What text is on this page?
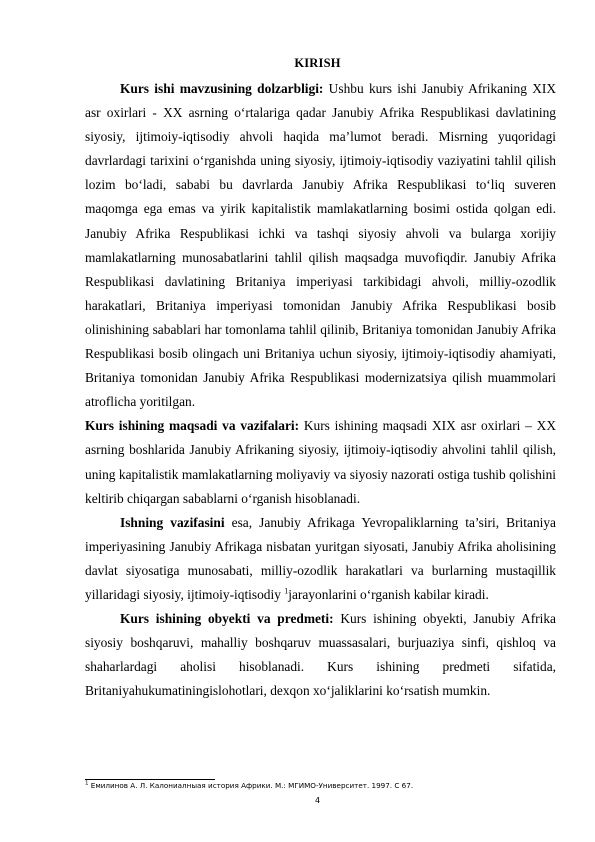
KIRISH

Kurs ishi mavzusining dolzarbligi: Ushbu kurs ishi Janubiy Afrikaning XIX asr oxirlari - XX asrning oʻrtalariga qadar Janubiy Afrika Respublikasi davlatining siyosiy, ijtimoiy-iqtisodiy ahvoli haqida maʼlumot beradi. Misrning yuqoridagi davrlardagi tarixini oʻrganishda uning siyosiy, ijtimoiy-iqtisodiy vaziyatini tahlil qilish lozim boʻladi, sababi bu davrlarda Janubiy Afrika Respublikasi toʻliq suveren maqomga ega emas va yirik kapitalistik mamlakatlarning bosimi ostida qolgan edi. Janubiy Afrika Respublikasi ichki va tashqi siyosiy ahvoli va bularga xorijiy mamlakatlarning munosabatlarini tahlil qilish maqsadga muvofiqdir. Janubiy Afrika Respublikasi davlatining Britaniya imperiyasi tarkibidagi ahvoli, milliy-ozodlik harakatlari, Britaniya imperiyasi tomonidan Janubiy Afrika Respublikasi bosib olinishining sabablari har tomonlama tahlil qilinib, Britaniya tomonidan Janubiy Afrika Respublikasi bosib olingach uni Britaniya uchun siyosiy, ijtimoiy-iqtisodiy ahamiyati, Britaniya tomonidan Janubiy Afrika Respublikasi modernizatsiya qilish muammolari atroflicha yoritilgan.

Kurs ishining maqsadi va vazifalari: Kurs ishining maqsadi XIX asr oxirlari – XX asrning boshlarida Janubiy Afrikaning siyosiy, ijtimoiy-iqtisodiy ahvolini tahlil qilish, uning kapitalistik mamlakatlarning moliyaviy va siyosiy nazorati ostiga tushib qolishini keltirib chiqargan sabablarni oʻrganish hisoblanadi.

Ishning vazifasini esa, Janubiy Afrikaga Yevropaliklarning ta’siri, Britaniya imperiyasining Janubiy Afrikaga nisbatan yuritgan siyosati, Janubiy Afrika aholisining davlat siyosatiga munosabati, milliy-ozodlik harakatlari va burlarning mustaqillik yillaridagi siyosiy, ijtimoiy-iqtisodiy $^1$jarayonlarini oʻrganish kabilar kiradi.

Kurs ishining obyekti va predmeti: Kurs ishining obyekti, Janubiy Afrika siyosiy boshqaruvi, mahalliy boshqaruv muassasalari, burjuaziya sinfi, qishloq va shaharlardagi aholisi hisoblanadi. Kurs ishining predmeti sifatida, Britaniyahukumatiningislohotlari, dexqon xoʻjaliklarini koʻrsatish mumkin.

$^1$ Емилинов А. Л. Калониалныая история Африки. М.: МГИМО-Университет. 1997. С 67.
4
